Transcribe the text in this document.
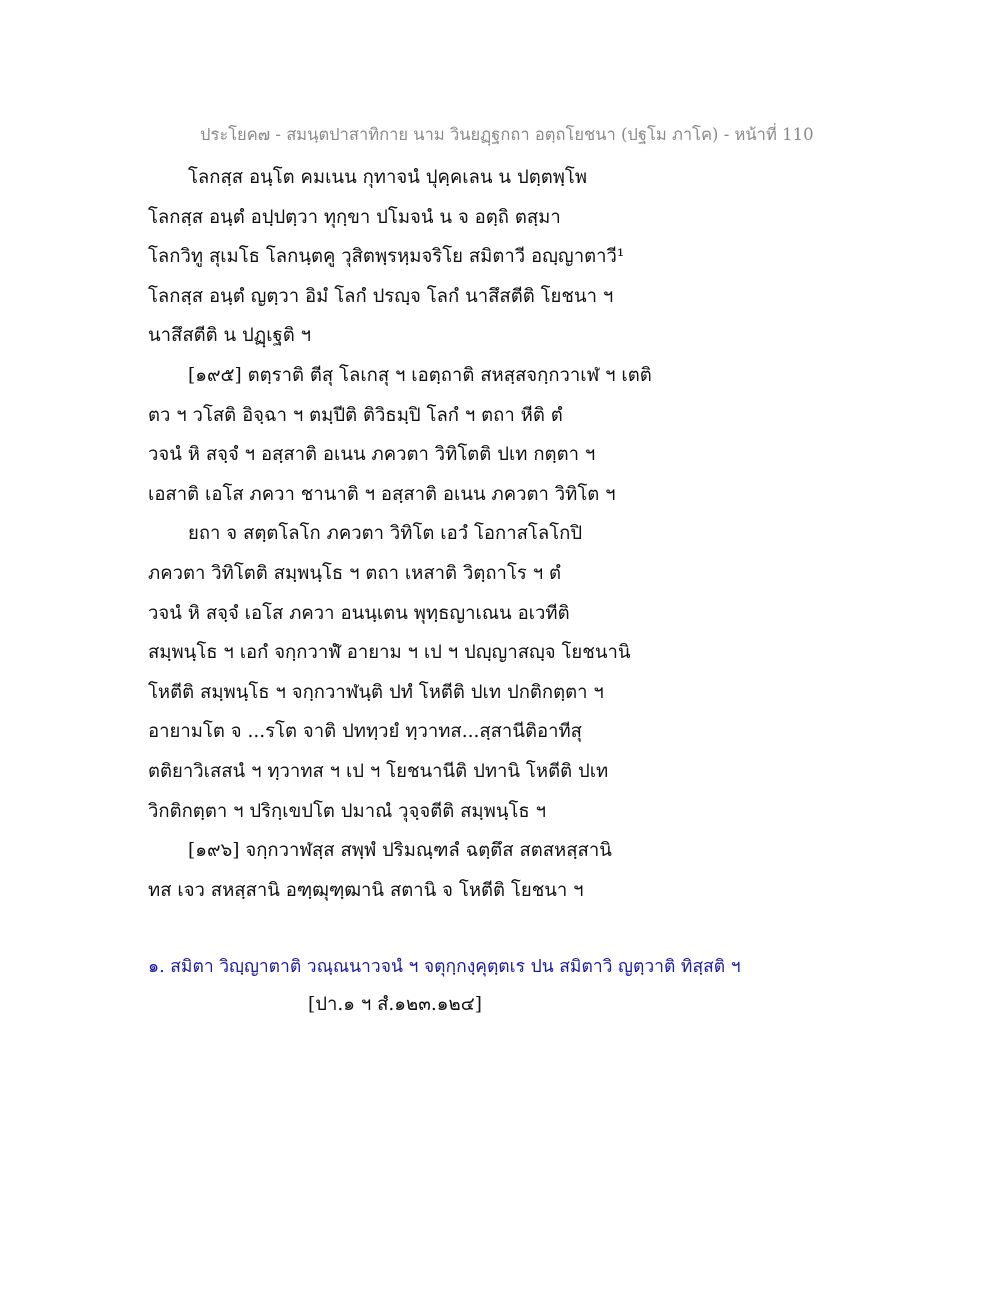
ประโยค๗ - สมนฺตปาสาทิกาย นาม วินยฏฺฐกถา อตฺถโยชนา (ปฐโม ภาโค) - หน้าที่ 110
โลกสฺส อนฺโต คมเนน กุทาจนํ ปุคฺคเลน น ปตฺตพฺโพ
โลกสฺส อนฺตํ อปฺปตฺวา ทุกฺขา ปโมจนํ น จ อตฺถิ ตสฺมา
โลกวิทู สุเมโธ โลกนฺตคู วุสิตพฺรหฺมจริโย สมิตาวี อญฺญาตาวี¹
โลกสฺส อนฺตํ ญตฺวา อิมํ โลกํ ปรญฺจ โลกํ นาสึสตีติ โยชนา ฯ
นาสึสตีติ น ปฏฺเฐติ ฯ
[๑๙๕] ตตฺราติ ตีสุ โลเกสุ ฯ เอตฺถาติ สหสฺสจกฺกวาเฬ ฯ เตติ
ตว ฯ วโสติ อิจฺฉา ฯ ตมฺปีติ ติวิธมฺปิ โลกํ ฯ ตถา หีติ ตํ
วจนํ หิ สจฺจํ ฯ อสฺสาติ อเนน ภควตา วิทิโตติ ปเท กตฺตา ฯ
เอสาติ เอโส ภควา ชานาติ ฯ อสฺสาติ อเนน ภควตา วิทิโต ฯ
ยถา จ สตฺตโลโก ภควตา วิทิโต เอวํ โอกาสโลโกปิ
ภควตา วิทิโตติ สมฺพนฺโธ ฯ ตถา เหสาติ วิตฺถาโร ฯ ตํ
วจนํ หิ สจฺจํ เอโส ภควา อนนฺเตน พุทฺธญาเณน อเวทีติ
สมฺพนฺโธ ฯ เอกํ จกฺกวาฬํ อายาม ฯ เป ฯ ปญฺญาสญฺจ โยชนานิ
โหตีติ สมฺพนฺโธ ฯ จกฺกวาฬนฺติ ปทํ โหตีติ ปเท ปกติกตฺตา ฯ
อายามโต จ ...รโต จาติ ปททฺวยํ ทฺวาทส...สฺสานีติอาทีสุ
ตติยาวิเสสนํ ฯ ทฺวาทส ฯ เป ฯ โยชนานีติ ปทานิ โหตีติ ปเท
วิกติกตฺตา ฯ ปริกฺเขปโต ปมาณํ วุจฺจตีติ สมฺพนฺโธ ฯ
[๑๙๖] จกฺกวาฬสฺส สพฺพํ ปริมณฺฑลํ ฉตฺตึส สตสหสฺสานิ
ทส เจว สหสฺสานิ อฑฺฒุฑฺฒานิ สตานิ จ โหตีติ โยชนา ฯ
๑. สมิตา วิญฺญาตาติ วณฺณนาวจนํ ฯ จตุกฺกงฺคุตฺตเร ปน สมิตาวิ ญตฺวาติ ทิสฺสติ ฯ
[ปา.๑ ฯ สํ.๑๒๓.๑๒๔]
